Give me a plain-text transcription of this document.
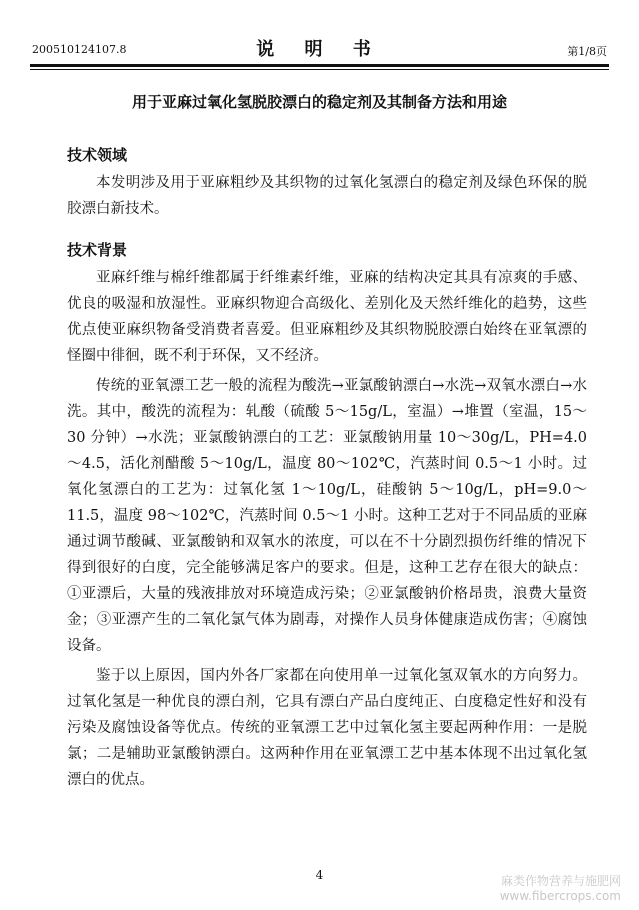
200510124107.8	说 明 书	第1/8页
用于亚麻过氧化氢脱胶漂白的稳定剂及其制备方法和用途
技术领域

本发明涉及用于亚麻粗纱及其织物的过氧化氢漂白的稳定剂及绿色环保的脱胶漂白新技术。

技术背景

亚麻纤维与棉纤维都属于纤维素纤维，亚麻的结构决定其具有凉爽的手感、优良的吸湿和放湿性。亚麻织物迎合高级化、差别化及天然纤维化的趋势，这些优点使亚麻织物备受消费者喜爱。但亚麻粗纱及其织物脱胶漂白始终在亚氧漂的怪圈中徘徊，既不利于环保，又不经济。

传统的亚氧漂工艺一般的流程为酸洗→亚氯酸钠漂白→水洗→双氧水漂白→水洗。其中，酸洗的流程为：轧酸（硫酸 5～15g/L，室温）→堆置（室温，15～30 分钟）→水洗；亚氯酸钠漂白的工艺：亚氯酸钠用量 10～30g/L，PH=4.0～4.5，活化剂醋酸 5～10g/L，温度 80～102℃，汽蒸时间 0.5～1 小时。过氧化氢漂白的工艺为：过氧化氢 1～10g/L，硅酸钠 5～10g/L，pH=9.0～11.5，温度 98～102℃，汽蒸时间 0.5～1 小时。这种工艺对于不同品质的亚麻通过调节酸碱、亚氯酸钠和双氧水的浓度，可以在不十分剧烈损伤纤维的情况下得到很好的白度，完全能够满足客户的要求。但是，这种工艺存在很大的缺点：①亚漂后，大量的残液排放对环境造成污染；②亚氯酸钠价格昂贵，浪费大量资金；③亚漂产生的二氧化氯气体为剧毒，对操作人员身体健康造成伤害；④腐蚀设备。

鉴于以上原因，国内外各厂家都在向使用单一过氧化氢双氧水的方向努力。过氧化氢是一种优良的漂白剂，它具有漂白产品白度纯正、白度稳定性好和没有污染及腐蚀设备等优点。传统的亚氧漂工艺中过氧化氢主要起两种作用：一是脱氯；二是辅助亚氯酸钠漂白。这两种作用在亚氧漂工艺中基本体现不出过氧化氢漂白的优点。

4	麻类作物营养与施肥网
www.fibercrops.com
